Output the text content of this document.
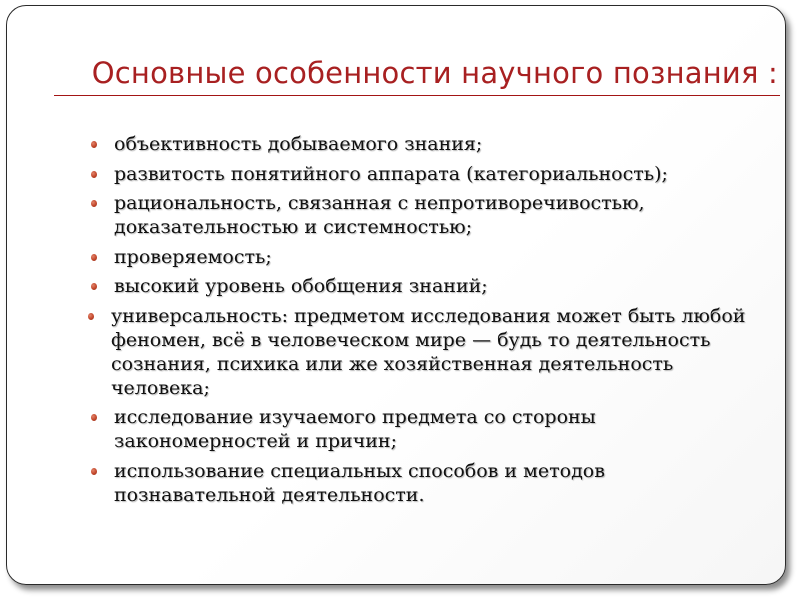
Основные особенности научного познания :
объективность добываемого знания;
развитость понятийного аппарата (категориальность);
рациональность, связанная с непротиворечивостью,
доказательностью и системностью;
проверяемость;
высокий уровень обобщения знаний;
универсальность: предметом исследования может быть любой
феномен, всё в человеческом мире — будь то деятельность
сознания, психика или же хозяйственная деятельность
человека;
исследование изучаемого предмета со стороны
закономерностей и причин;
использование специальных способов и методов
познавательной деятельности.
